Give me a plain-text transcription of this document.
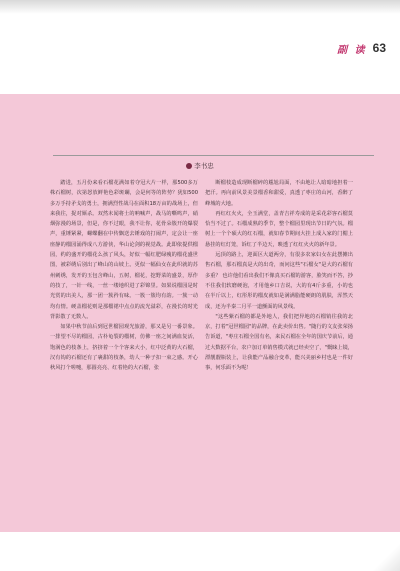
副 读 63
李书忠

踏进，五月份来看石榴花满如着夺冠大片一样，那500多万株石榴树，次第怒放鲜艳色彩斑斓，会是何等的阵势？犹如500多万手持矛戈的勇士，拥满烈性战马在面积18万亩的战场上，但来我往，捉对厮杀。双然未闻将士的呐喊声，战马的嘶鸣声，硝烟弥漫的场景，但是，你不过眼，我不让你，花骨朵簇开的爆裂声，重锤紧紧，螺蝶翻在中传飘送去锤戏的打闹声，定会让一座座静的榴园涌得成八方游侠，华山论剑的视觉战。此即依提供榴园，约的盛开的榴花么孩了风头，好似一幅红肥绿瘦的榴花盛世图，被彩绣后别出了峰山的山坡上。更似一幅仙女在此织就的苏州刺绣，发开的玉包含峰山，五树，榴花，挖野菜的盛景，厚作的技了，一针一线，一丝一缕地织进了彩锦里。如果说榴园是时光赏的出美人，那一团一簇矜有味。一簇一簇均有韵。一簇一动均有情。硬盖榴花则是那榴裙中点点的流光溢彩，在漫长的时光背影散了无数人。

如果中秋节前后到冠世榴园观光旅游，那又是另一番景象。一排望不尽的榴园，古朴龟裂的榴树，仿佛一座之间满血复活，饱满色的枝条上，挤挤着一个个客来大小，红中泛黄的大石榴，汉有钩的石榴还有了裹甜的枝条，幼人一种子扣一束之感。开心秋风打个嗟嚏，那圆亮亮、红着艳的大石榴，张

断榴枝造成现断榴碎的尴尬局面，不由地让人暗暗地担着一把汗。再向前风景美景榴香和甜爱，真透了枣庄的山河，香醉了峰城的大地。

再红红火火，全玉满堂，盖青吉祥寿成的是采花彩客石榴莫恰当不过了。石榴成熟的季节，整个榴园里现出节日的气氛。榴树上一个个硕大的红石榴，就如春节期间大挂上成入家的门楣上悬挂的红灯笼，诉红了半边天，映透了红红火火的新年景。

远顶的路上，迎面区大道两旁，有很多农家妇女在此摆摊出售石榴，那石榴真是大的出奇，而问这些"石榴女"是大的石榴有多重？ 也许他们看出我们不像真买石榴的游客，脸笑而不答，抄不住我们软磨硬泡，才用他乡口吉说，大的有4斤多重，小的也在半斤以上，红彤彤的榴皮就如是满满脂能硬朗的肌肤，浑然天成，还为半秦二月平一道颤面的风景线。

"这些紫石榴的都是外地人，我们把异地的石榴销往我的北京，打着"冠世榴园"的品牌，在此卖价出售。"随行的文友张荣扬告诉道，"枣庄石榴全国有名，来民石榴在全年的国庆节前后，通过大数据平台，农户加订单销售模式就已经卖空了，"慨睐上镜，漂靓靓瓶装上，让我能产品融合变革，能兴美丽乡村也是一件好事，何乐面不为呢！
